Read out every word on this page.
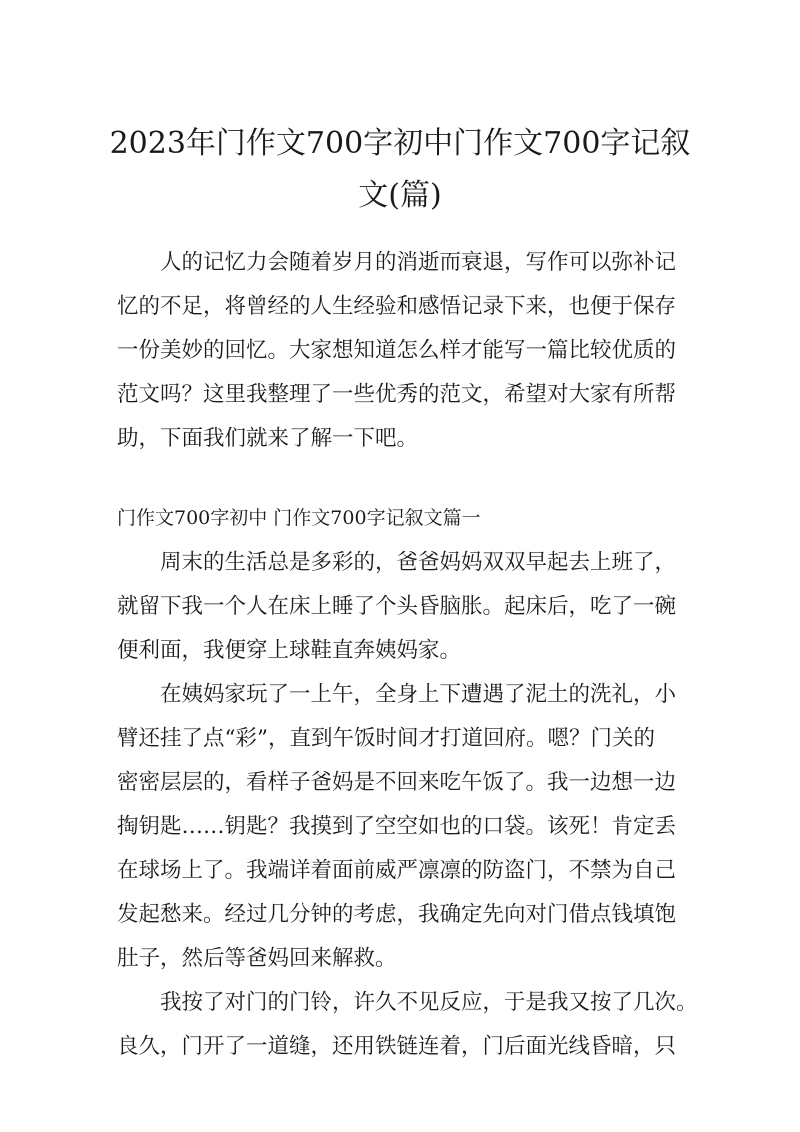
2023年门作文700字初中门作文700字记叙
文(篇)
人的记忆力会随着岁月的消逝而衰退，写作可以弥补记
忆的不足，将曾经的人生经验和感悟记录下来，也便于保存
一份美妙的回忆。大家想知道怎么样才能写一篇比较优质的
范文吗？这里我整理了一些优秀的范文，希望对大家有所帮
助，下面我们就来了解一下吧。
门作文700字初中 门作文700字记叙文篇一
周末的生活总是多彩的，爸爸妈妈双双早起去上班了，
就留下我一个人在床上睡了个头昏脑胀。起床后，吃了一碗
便利面，我便穿上球鞋直奔姨妈家。
在姨妈家玩了一上午，全身上下遭遇了泥土的洗礼，小
臂还挂了点“彩”，直到午饭时间才打道回府。嗯？门关的
密密层层的，看样子爸妈是不回来吃午饭了。我一边想一边
掏钥匙……钥匙？我摸到了空空如也的口袋。该死！肯定丢
在球场上了。我端详着面前威严凛凛的防盗门，不禁为自己
发起愁来。经过几分钟的考虑，我确定先向对门借点钱填饱
肚子，然后等爸妈回来解救。
我按了对门的门铃，许久不见反应，于是我又按了几次。
良久，门开了一道缝，还用铁链连着，门后面光线昏暗，只
